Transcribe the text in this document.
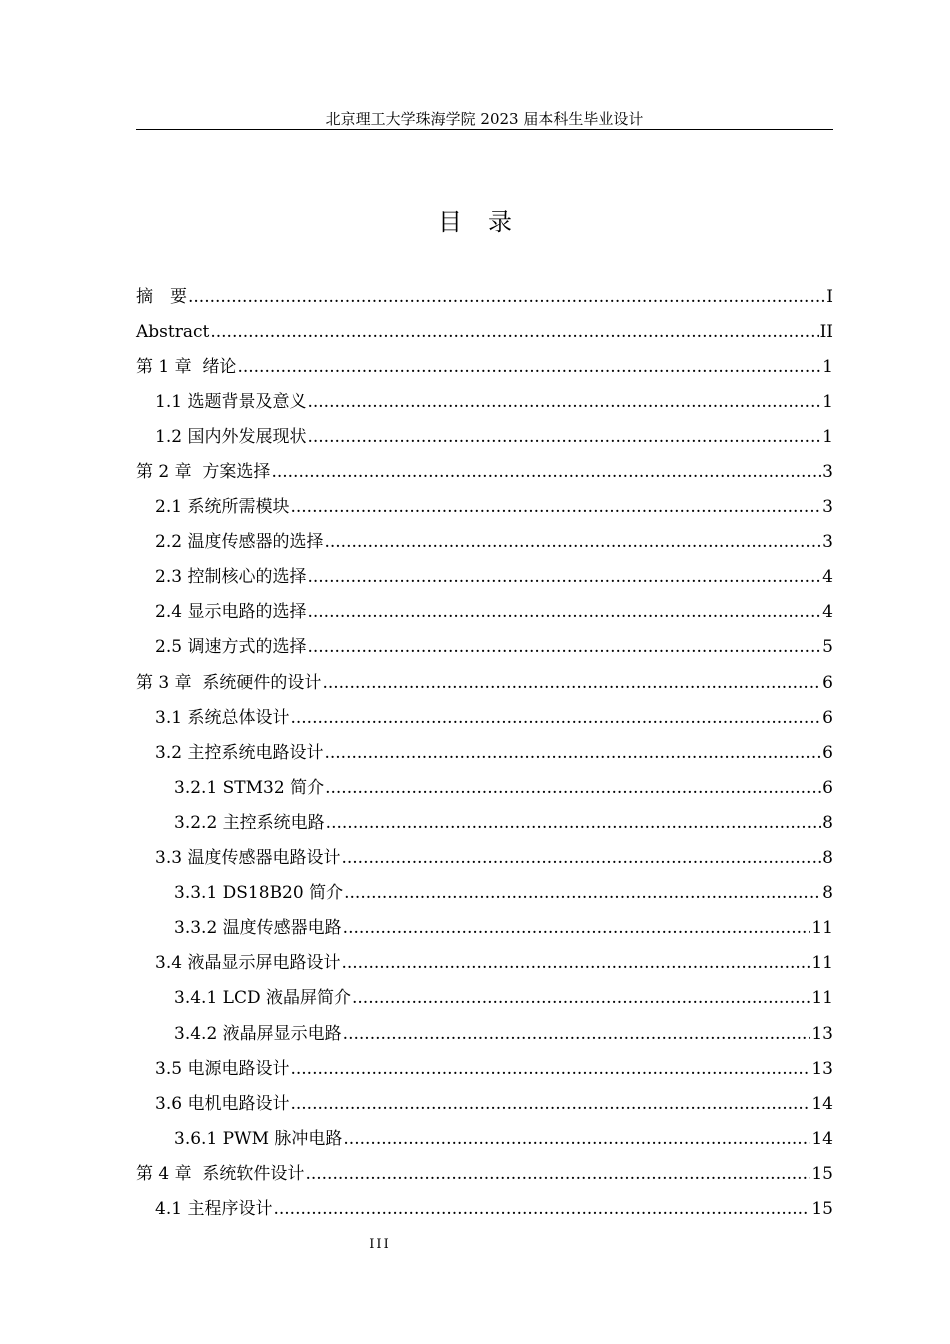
北京理工大学珠海学院 2023 届本科生毕业设计
目录
摘　要 .....	I
Abstract .....	II
第 1 章  绪论 .....	1
1.1 选题背景及意义 .....	1
1.2 国内外发展现状 .....	1
第 2 章  方案选择 .....	3
2.1 系统所需模块 .....	3
2.2 温度传感器的选择 .....	3
2.3 控制核心的选择 .....	4
2.4 显示电路的选择 .....	4
2.5 调速方式的选择 .....	5
第 3 章  系统硬件的设计 .....	6
3.1 系统总体设计 .....	6
3.2 主控系统电路设计 .....	6
3.2.1 STM32 简介 .....	6
3.2.2 主控系统电路 .....	8
3.3 温度传感器电路设计 .....	8
3.3.1 DS18B20 简介 .....	8
3.3.2 温度传感器电路 .....	11
3.4 液晶显示屏电路设计 .....	11
3.4.1 LCD 液晶屏简介 .....	11
3.4.2 液晶屏显示电路 .....	13
3.5 电源电路设计 .....	13
3.6 电机电路设计 .....	14
3.6.1 PWM 脉冲电路 .....	14
第 4 章  系统软件设计 .....	15
4.1 主程序设计 .....	15
III
